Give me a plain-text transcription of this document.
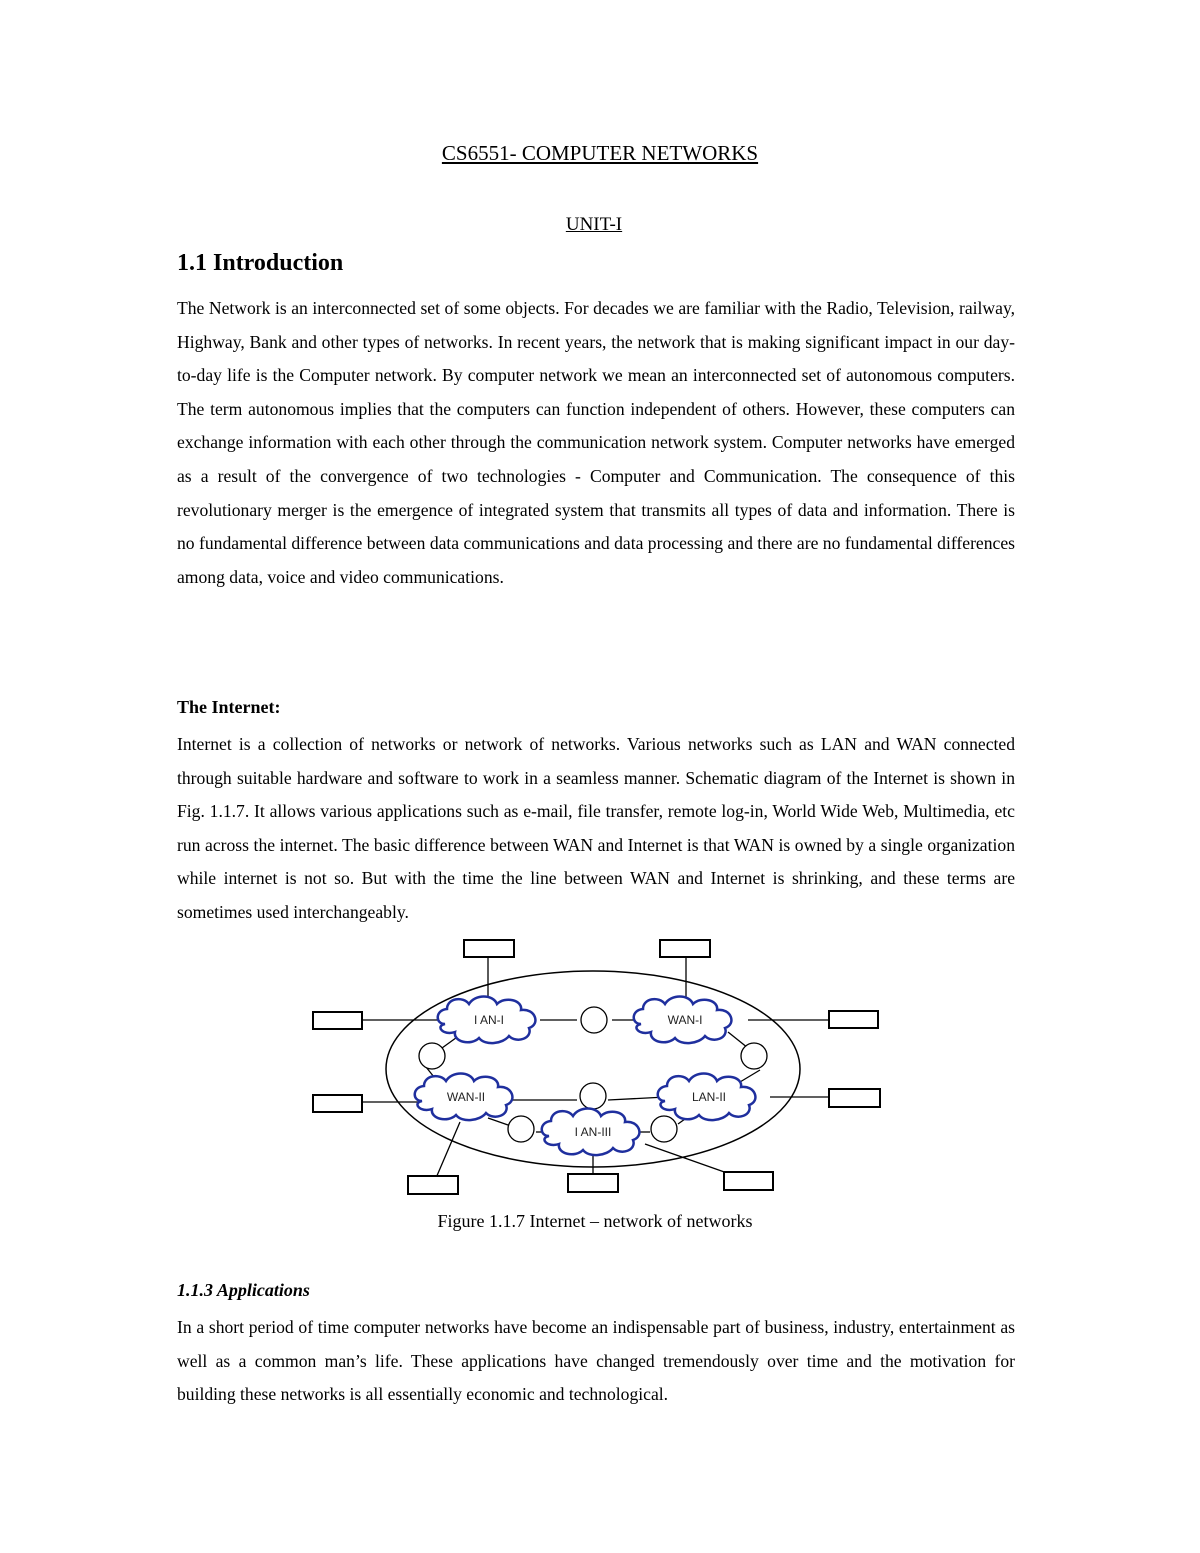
CS6551- COMPUTER NETWORKS
UNIT-I
1.1 Introduction

The Network is an interconnected set of some objects. For decades we are familiar with the Radio, Television, railway, Highway, Bank and other types of networks. In recent years, the network that is making significant impact in our day-to-day life is the Computer network. By computer network we mean an interconnected set of autonomous computers. The term autonomous implies that the computers can function independent of others. However, these computers can exchange information with each other through the communication network system. Computer networks have emerged as a result of the convergence of two technologies - Computer and Communication. The consequence of this revolutionary merger is the emergence of integrated system that transmits all types of data and information. There is no fundamental difference between data communications and data processing and there are no fundamental differences among data, voice and video communications.

The Internet:

Internet is a collection of networks or network of networks. Various networks such as LAN and WAN connected through suitable hardware and software to work in a seamless manner. Schematic diagram of the Internet is shown in Fig. 1.1.7. It allows various applications such as e-mail, file transfer, remote log-in, World Wide Web, Multimedia, etc run across the internet. The basic difference between WAN and Internet is that WAN is owned by a single organization while internet is not so. But with the time the line between WAN and Internet is shrinking, and these terms are sometimes used interchangeably.

I AN-I	WAN-I
WAN-II	LAN-II
I AN-III

Figure 1.1.7 Internet – network of networks

1.1.3 Applications

In a short period of time computer networks have become an indispensable part of business, industry, entertainment as well as a common man’s life. These applications have changed tremendously over time and the motivation for building these networks is all essentially economic and technological.
